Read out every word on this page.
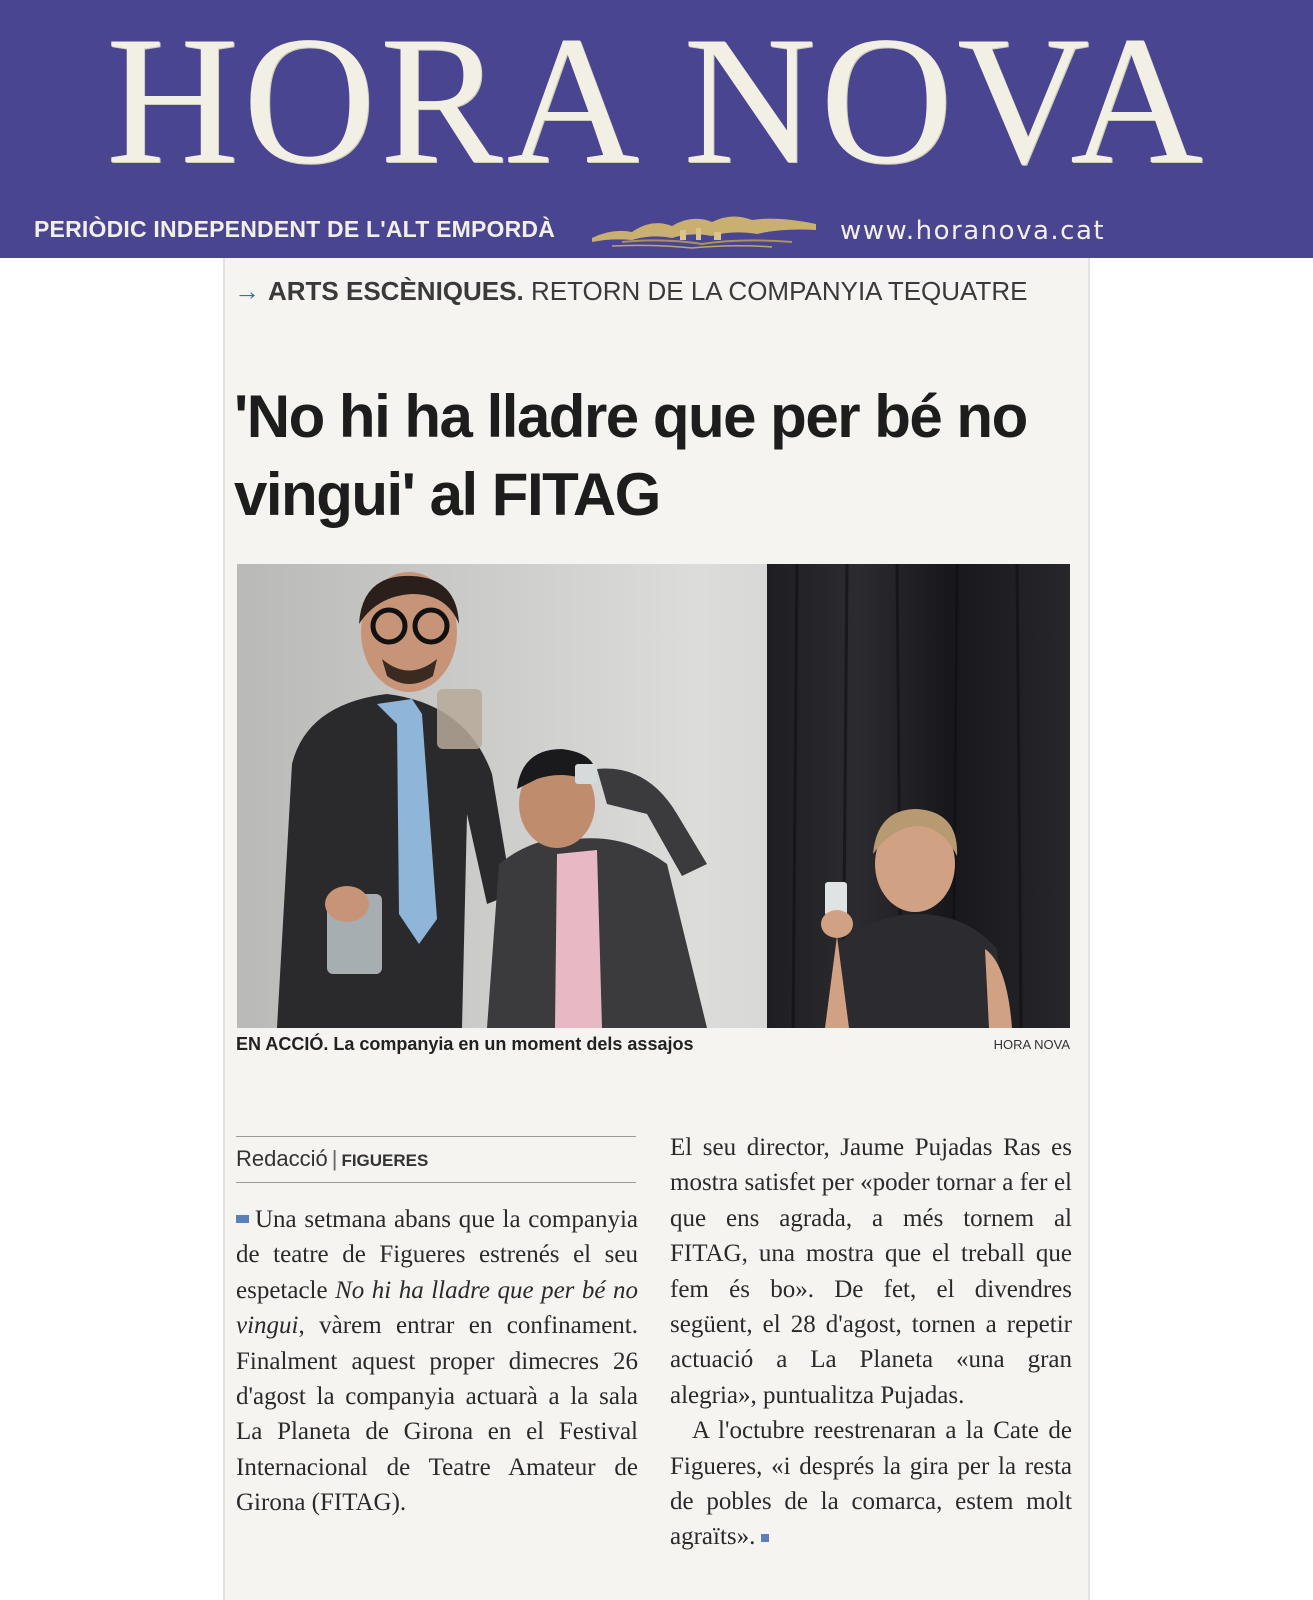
HORA NOVA
PERIÒDIC INDEPENDENT DE L'ALT EMPORDÀ	www.horanova.cat
→ ARTS ESCÈNIQUES. RETORN DE LA COMPANYIA TEQUATRE
'No hi ha lladre que per bé no vingui' al FITAG
EN ACCIÓ. La companyia en un moment dels assajos	HORA NOVA
Redacció | FIGUERES

Una setmana abans que la companyia de teatre de Figueres estrenés el seu espetacle No hi ha lladre que per bé no vingui, vàrem entrar en confinament. Finalment aquest proper dimecres 26 d'agost la companyia actuarà a la sala La Planeta de Girona en el Festival Internacional de Teatre Amateur de Girona (FITAG).

El seu director, Jaume Pujadas Ras es mostra satisfet per «poder tornar a fer el que ens agrada, a més tornem al FITAG, una mostra que el treball que fem és bo». De fet, el divendres següent, el 28 d'agost, tornen a repetir actuació a La Planeta «una gran alegria», puntualitza Pujadas.

A l'octubre reestrenaran a la Cate de Figueres, «i després la gira per la resta de pobles de la comarca, estem molt agraïts».
